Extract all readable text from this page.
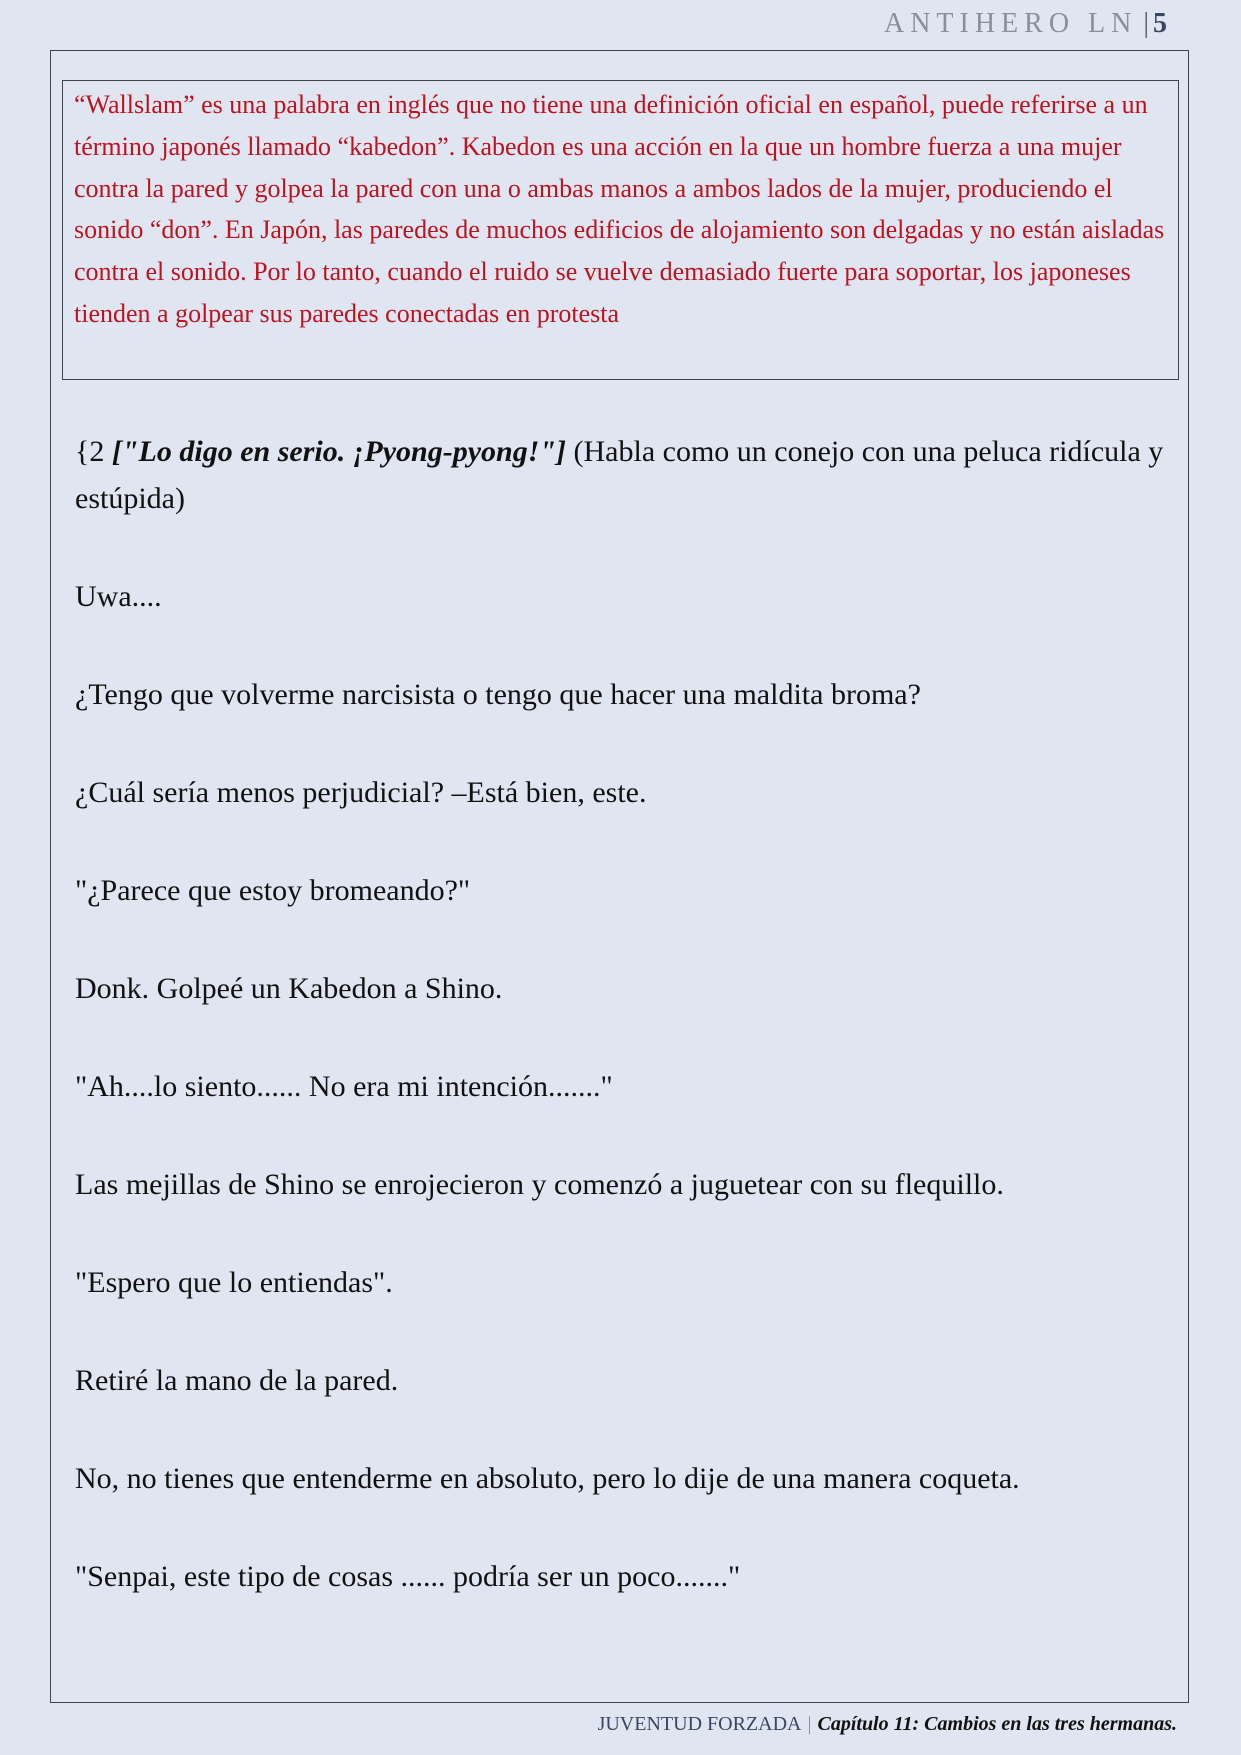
ANTIHERO LN | 5
“Wallslam” es una palabra en inglés que no tiene una definición oficial en español, puede referirse a un término japonés llamado “kabedon”. Kabedon es una acción en la que un hombre fuerza a una mujer contra la pared y golpea la pared con una o ambas manos a ambos lados de la mujer, produciendo el sonido “don”. En Japón, las paredes de muchos edificios de alojamiento son delgadas y no están aisladas contra el sonido. Por lo tanto, cuando el ruido se vuelve demasiado fuerte para soportar, los japoneses tienden a golpear sus paredes conectadas en protesta

{2 ["Lo digo en serio. ¡Pyong-pyong!"] (Habla como un conejo con una peluca ridícula y estúpida)

Uwa....

¿Tengo que volverme narcisista o tengo que hacer una maldita broma?

¿Cuál sería menos perjudicial? –Está bien, este.

"¿Parece que estoy bromeando?"

Donk. Golpeé un Kabedon a Shino.

"Ah....lo siento...... No era mi intención......."

Las mejillas de Shino se enrojecieron y comenzó a juguetear con su flequillo.

"Espero que lo entiendas".

Retiré la mano de la pared.

No, no tienes que entenderme en absoluto, pero lo dije de una manera coqueta.

"Senpai, este tipo de cosas ...... podría ser un poco......."

JUVENTUD FORZADA | Capítulo 11: Cambios en las tres hermanas.
